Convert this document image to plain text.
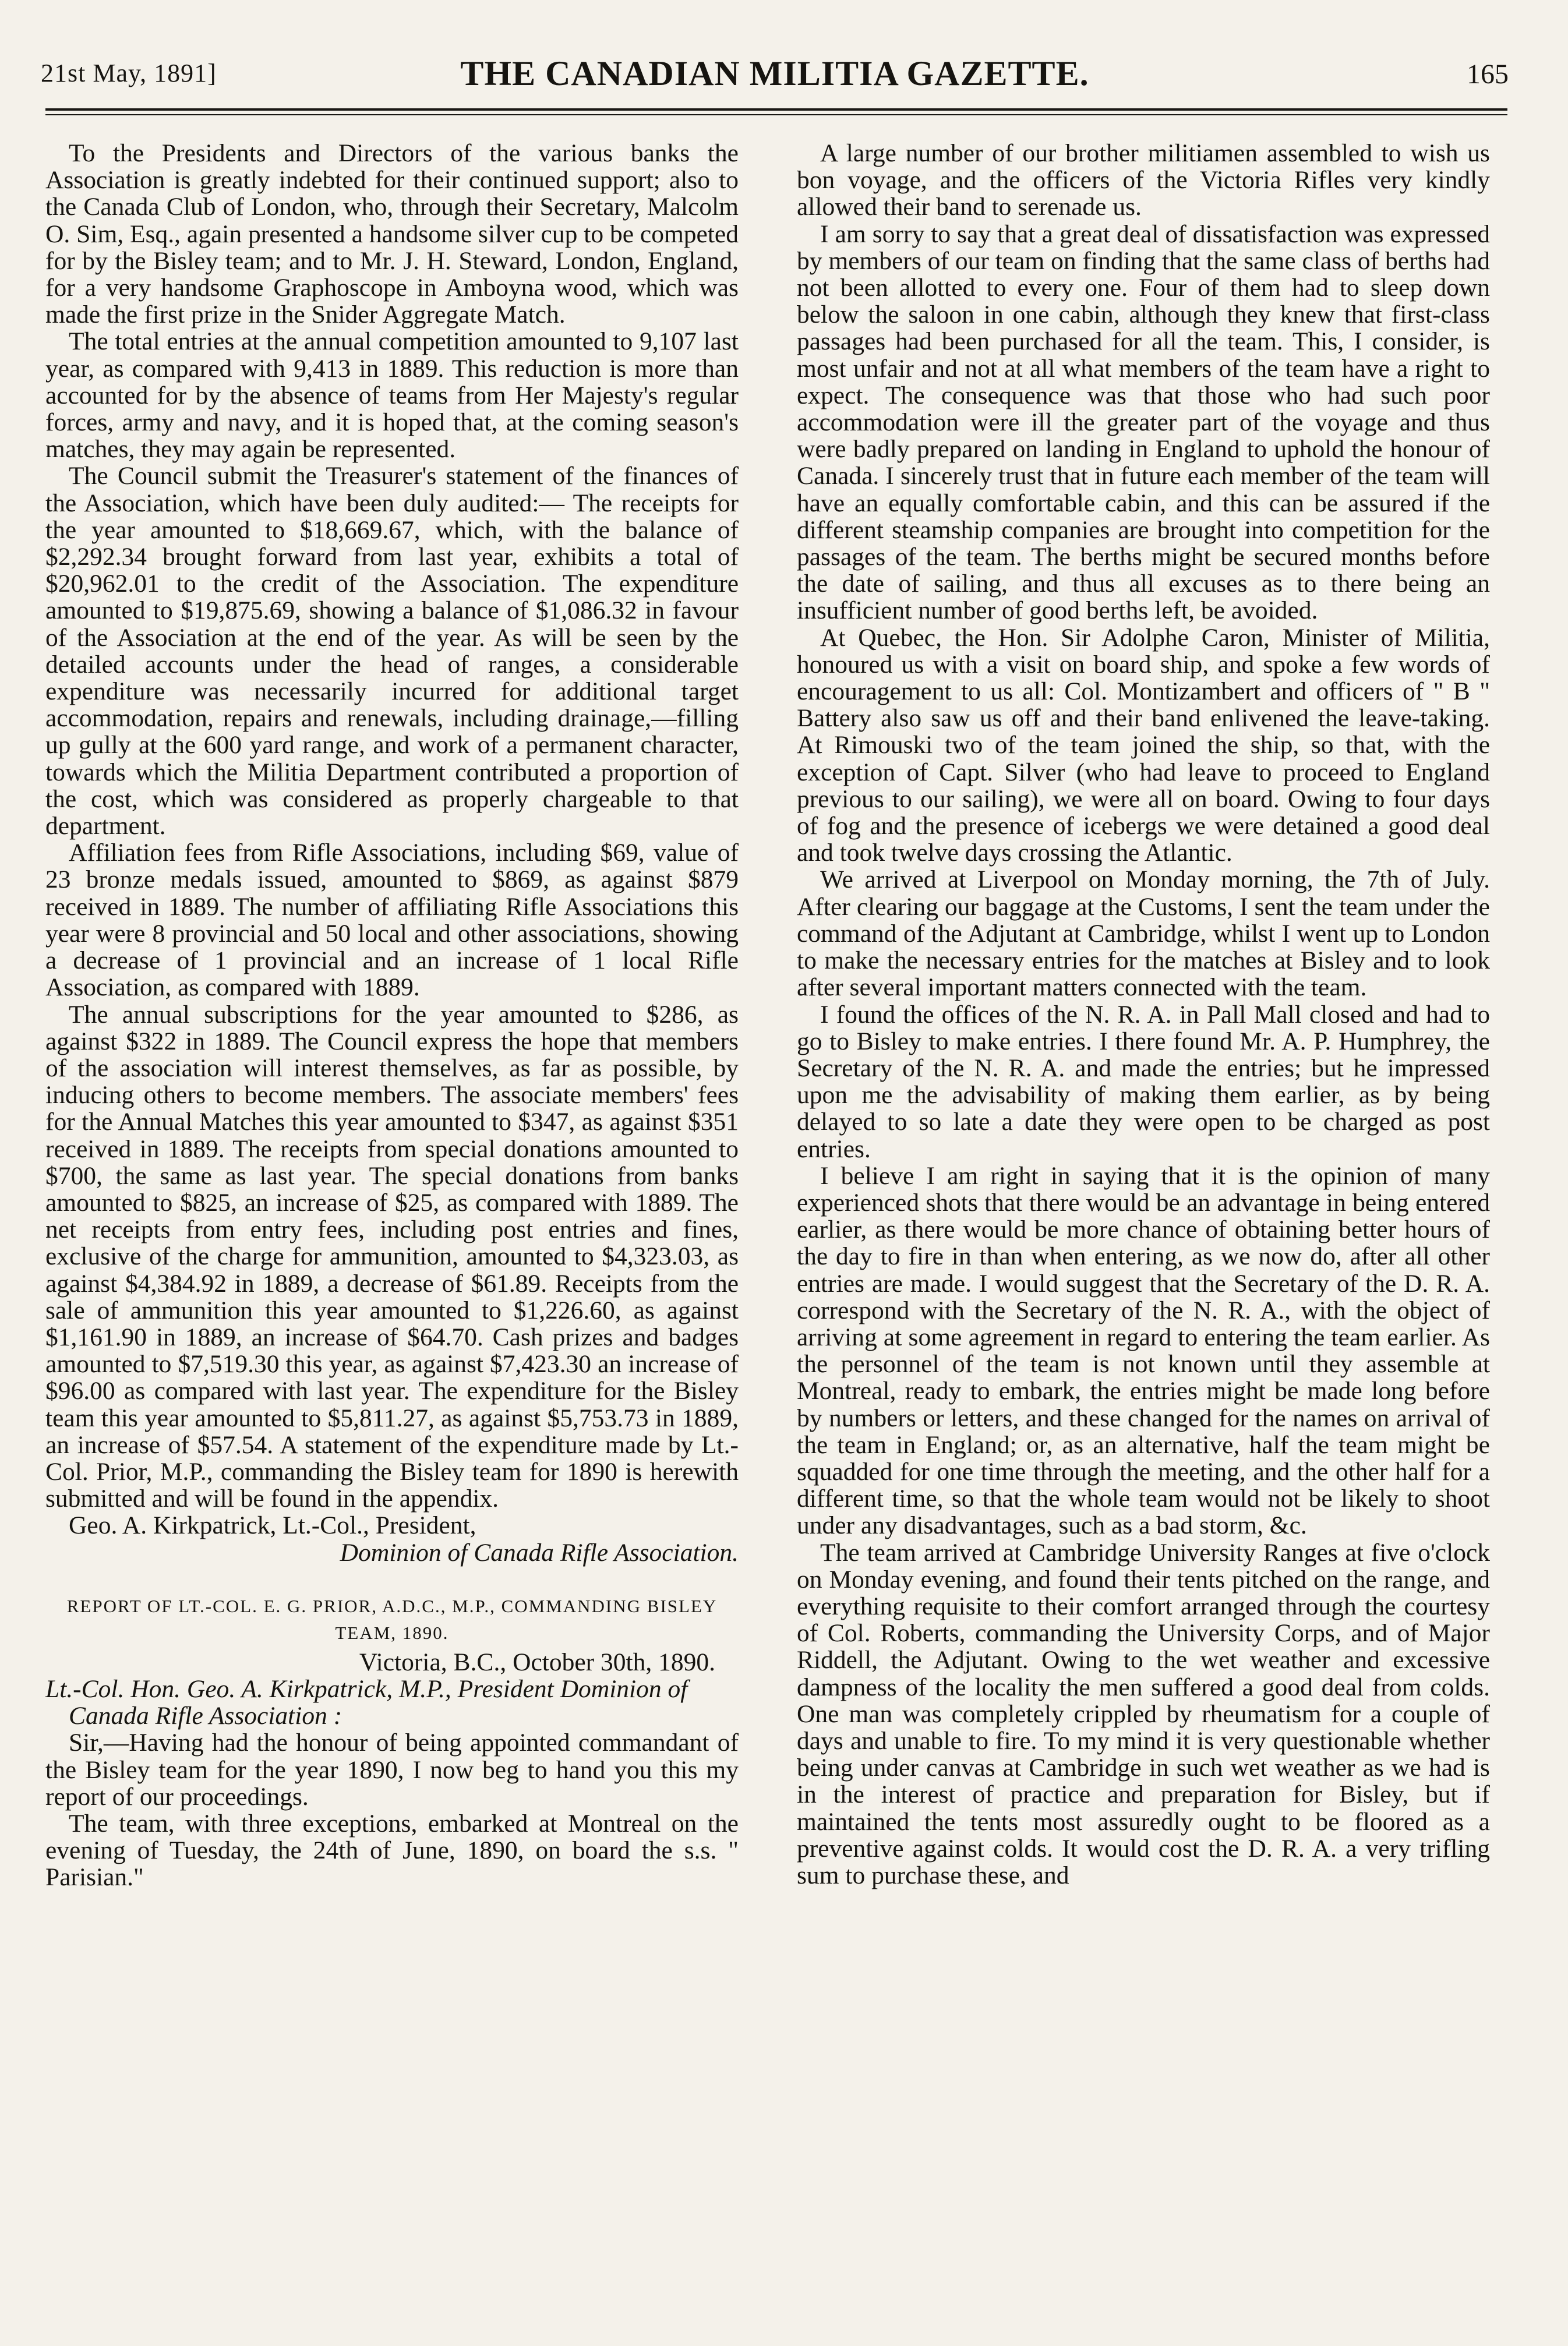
21st May, 1891]	THE CANADIAN MILITIA GAZETTE.	165

To the Presidents and Directors of the various banks the Association is greatly indebted for their continued support; also to the Canada Club of London, who, through their Secretary, Malcolm O. Sim, Esq., again presented a handsome silver cup to be competed for by the Bisley team; and to Mr. J. H. Steward, London, England, for a very handsome Graphoscope in Amboyna wood, which was made the first prize in the Snider Aggregate Match.

The total entries at the annual competition amounted to 9,107 last year, as compared with 9,413 in 1889. This reduction is more than accounted for by the absence of teams from Her Majesty's regular forces, army and navy, and it is hoped that, at the coming season's matches, they may again be represented.

The Council submit the Treasurer's statement of the finances of the Association, which have been duly audited:— The receipts for the year amounted to $18,669.67, which, with the balance of $2,292.34 brought forward from last year, exhibits a total of $20,962.01 to the credit of the Association. The expenditure amounted to $19,875.69, showing a balance of $1,086.32 in favour of the Association at the end of the year. As will be seen by the detailed accounts under the head of ranges, a considerable expenditure was necessarily incurred for additional target accommodation, repairs and renewals, including drainage,—filling up gully at the 600 yard range, and work of a permanent character, towards which the Militia Department contributed a proportion of the cost, which was considered as properly chargeable to that department.

Affiliation fees from Rifle Associations, including $69, value of 23 bronze medals issued, amounted to $869, as against $879 received in 1889. The number of affiliating Rifle Associations this year were 8 provincial and 50 local and other associations, showing a decrease of 1 provincial and an increase of 1 local Rifle Association, as compared with 1889.

The annual subscriptions for the year amounted to $286, as against $322 in 1889. The Council express the hope that members of the association will interest themselves, as far as possible, by inducing others to become members. The associate members' fees for the Annual Matches this year amounted to $347, as against $351 received in 1889. The receipts from special donations amounted to $700, the same as last year. The special donations from banks amounted to $825, an increase of $25, as compared with 1889. The net receipts from entry fees, including post entries and fines, exclusive of the charge for ammunition, amounted to $4,323.03, as against $4,384.92 in 1889, a decrease of $61.89. Receipts from the sale of ammunition this year amounted to $1,226.60, as against $1,161.90 in 1889, an increase of $64.70. Cash prizes and badges amounted to $7,519.30 this year, as against $7,423.30 an increase of $96.00 as compared with last year. The expenditure for the Bisley team this year amounted to $5,811.27, as against $5,753.73 in 1889, an increase of $57.54. A statement of the expenditure made by Lt.-Col. Prior, M.P., commanding the Bisley team for 1890 is herewith submitted and will be found in the appendix.

Geo. A. Kirkpatrick, Lt.-Col., President,

Dominion of Canada Rifle Association.

REPORT OF LT.-COL. E. G. PRIOR, A.D.C., M.P., COMMANDING BISLEY TEAM, 1890.

Victoria, B.C., October 30th, 1890.

Lt.-Col. Hon. Geo. A. Kirkpatrick, M.P., President Dominion of Canada Rifle Association :

Sir,—Having had the honour of being appointed commandant of the Bisley team for the year 1890, I now beg to hand you this my report of our proceedings.

The team, with three exceptions, embarked at Montreal on the evening of Tuesday, the 24th of June, 1890, on board the s.s. " Parisian."

A large number of our brother militiamen assembled to wish us bon voyage, and the officers of the Victoria Rifles very kindly allowed their band to serenade us.

I am sorry to say that a great deal of dissatisfaction was expressed by members of our team on finding that the same class of berths had not been allotted to every one. Four of them had to sleep down below the saloon in one cabin, although they knew that first-class passages had been purchased for all the team. This, I consider, is most unfair and not at all what members of the team have a right to expect. The consequence was that those who had such poor accommodation were ill the greater part of the voyage and thus were badly prepared on landing in England to uphold the honour of Canada. I sincerely trust that in future each member of the team will have an equally comfortable cabin, and this can be assured if the different steamship companies are brought into competition for the passages of the team. The berths might be secured months before the date of sailing, and thus all excuses as to there being an insufficient number of good berths left, be avoided.

At Quebec, the Hon. Sir Adolphe Caron, Minister of Militia, honoured us with a visit on board ship, and spoke a few words of encouragement to us all: Col. Montizambert and officers of " B " Battery also saw us off and their band enlivened the leave-taking. At Rimouski two of the team joined the ship, so that, with the exception of Capt. Silver (who had leave to proceed to England previous to our sailing), we were all on board. Owing to four days of fog and the presence of icebergs we were detained a good deal and took twelve days crossing the Atlantic.

We arrived at Liverpool on Monday morning, the 7th of July. After clearing our baggage at the Customs, I sent the team under the command of the Adjutant at Cambridge, whilst I went up to London to make the necessary entries for the matches at Bisley and to look after several important matters connected with the team.

I found the offices of the N. R. A. in Pall Mall closed and had to go to Bisley to make entries. I there found Mr. A. P. Humphrey, the Secretary of the N. R. A. and made the entries; but he impressed upon me the advisability of making them earlier, as by being delayed to so late a date they were open to be charged as post entries.

I believe I am right in saying that it is the opinion of many experienced shots that there would be an advantage in being entered earlier, as there would be more chance of obtaining better hours of the day to fire in than when entering, as we now do, after all other entries are made. I would suggest that the Secretary of the D. R. A. correspond with the Secretary of the N. R. A., with the object of arriving at some agreement in regard to entering the team earlier. As the personnel of the team is not known until they assemble at Montreal, ready to embark, the entries might be made long before by numbers or letters, and these changed for the names on arrival of the team in England; or, as an alternative, half the team might be squadded for one time through the meeting, and the other half for a different time, so that the whole team would not be likely to shoot under any disadvantages, such as a bad storm, &c.

The team arrived at Cambridge University Ranges at five o'clock on Monday evening, and found their tents pitched on the range, and everything requisite to their comfort arranged through the courtesy of Col. Roberts, commanding the University Corps, and of Major Riddell, the Adjutant. Owing to the wet weather and excessive dampness of the locality the men suffered a good deal from colds. One man was completely crippled by rheumatism for a couple of days and unable to fire. To my mind it is very questionable whether being under canvas at Cambridge in such wet weather as we had is in the interest of practice and preparation for Bisley, but if maintained the tents most assuredly ought to be floored as a preventive against colds. It would cost the D. R. A. a very trifling sum to purchase these, and
